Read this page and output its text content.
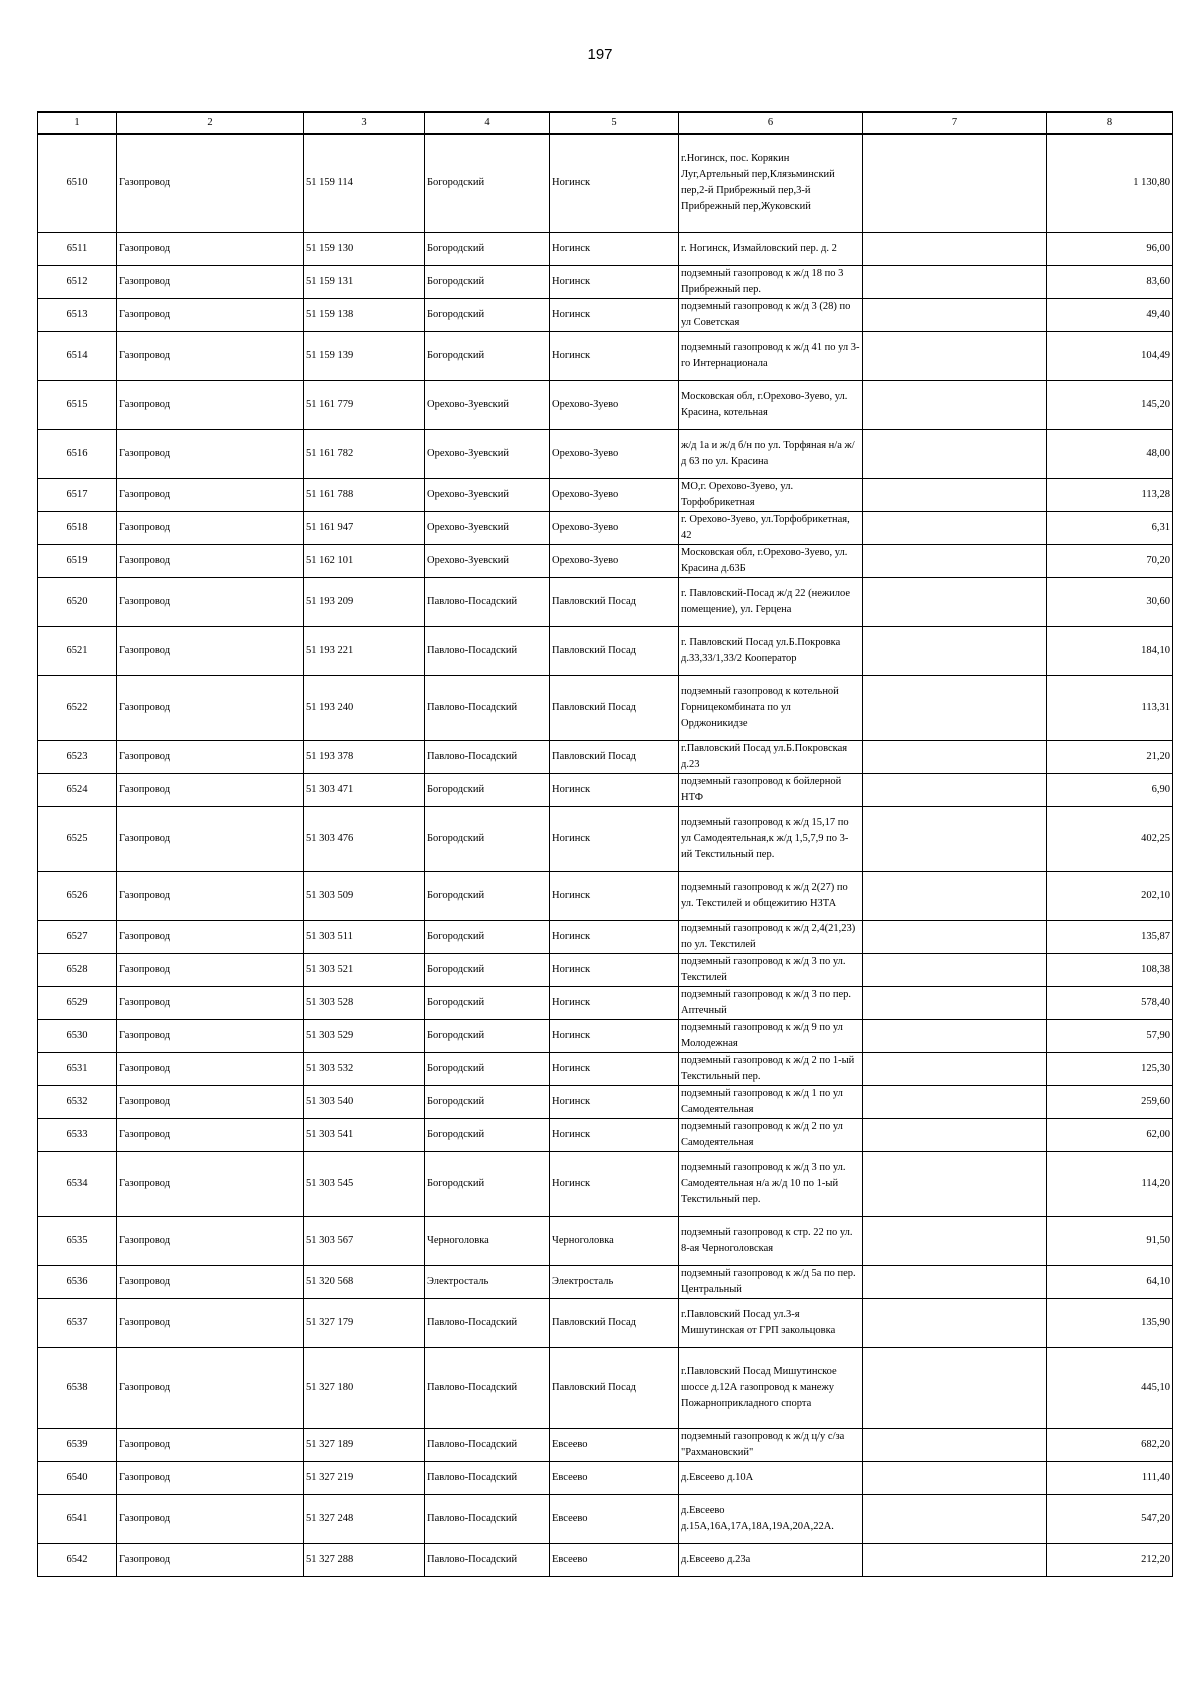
197
1	2	3	4	5	6	7	8
6510	Газопровод	51 159 114	Богородский	Ногинск	г.Ногинск, пос. Корякин Луг,Артельный пер,Клязьминский пер,2-й Прибрежный пер,3-й Прибрежный пер,Жуковский		1 130,80
6511	Газопровод	51 159 130	Богородский	Ногинск	г. Ногинск, Измайловский пер. д. 2		96,00
6512	Газопровод	51 159 131	Богородский	Ногинск	подземный газопровод к ж/д 18 по 3 Прибрежный пер.		83,60
6513	Газопровод	51 159 138	Богородский	Ногинск	подземный газопровод к ж/д 3 (28) по ул Советская		49,40
6514	Газопровод	51 159 139	Богородский	Ногинск	подземный газопровод к ж/д 41 по ул 3-го Интернационала		104,49
6515	Газопровод	51 161 779	Орехово-Зуевский	Орехово-Зуево	Московская обл, г.Орехово-Зуево, ул. Красина, котельная		145,20
6516	Газопровод	51 161 782	Орехово-Зуевский	Орехово-Зуево	ж/д 1а и ж/д б/н по ул. Торфяная н/а ж/д 63 по ул. Красина		48,00
6517	Газопровод	51 161 788	Орехово-Зуевский	Орехово-Зуево	МО,г. Орехово-Зуево, ул. Торфобрикетная		113,28
6518	Газопровод	51 161 947	Орехово-Зуевский	Орехово-Зуево	г. Орехово-Зуево, ул.Торфобрикетная, 42		6,31
6519	Газопровод	51 162 101	Орехово-Зуевский	Орехово-Зуево	Московская обл, г.Орехово-Зуево, ул. Красина д.63Б		70,20
6520	Газопровод	51 193 209	Павлово-Посадский	Павловский Посад	г. Павловский-Посад ж/д 22 (нежилое помещение), ул. Герцена		30,60
6521	Газопровод	51 193 221	Павлово-Посадский	Павловский Посад	г. Павловский Посад ул.Б.Покровка д.33,33/1,33/2 Кооператор		184,10
6522	Газопровод	51 193 240	Павлово-Посадский	Павловский Посад	подземный газопровод к котельной Горницекомбината по ул Орджоникидзе		113,31
6523	Газопровод	51 193 378	Павлово-Посадский	Павловский Посад	г.Павловский Посад ул.Б.Покровская д.23		21,20
6524	Газопровод	51 303 471	Богородский	Ногинск	подземный газопровод к бойлерной НТФ		6,90
6525	Газопровод	51 303 476	Богородский	Ногинск	подземный газопровод к ж/д 15,17 по ул Самодеятельная,к ж/д 1,5,7,9 по 3- ий Текстильный пер.		402,25
6526	Газопровод	51 303 509	Богородский	Ногинск	подземный газопровод к ж/д 2(27) по ул. Текстилей и общежитию НЗТА		202,10
6527	Газопровод	51 303 511	Богородский	Ногинск	подземный газопровод к ж/д 2,4(21,23) по ул. Текстилей		135,87
6528	Газопровод	51 303 521	Богородский	Ногинск	подземный газопровод к ж/д 3 по ул. Текстилей		108,38
6529	Газопровод	51 303 528	Богородский	Ногинск	подземный газопровод к ж/д 3 по пер. Аптечный		578,40
6530	Газопровод	51 303 529	Богородский	Ногинск	подземный газопровод к ж/д 9 по ул Молодежная		57,90
6531	Газопровод	51 303 532	Богородский	Ногинск	подземный газопровод к ж/д 2 по 1-ый Текстильный пер.		125,30
6532	Газопровод	51 303 540	Богородский	Ногинск	подземный газопровод к ж/д 1 по ул Самодеятельная		259,60
6533	Газопровод	51 303 541	Богородский	Ногинск	подземный газопровод к ж/д 2 по ул Самодеятельная		62,00
6534	Газопровод	51 303 545	Богородский	Ногинск	подземный газопровод к ж/д 3 по ул. Самодеятельная н/а ж/д 10 по 1-ый Текстильный пер.		114,20
6535	Газопровод	51 303 567	Черноголовка	Черноголовка	подземный газопровод к стр. 22 по ул. 8-ая Черноголовская		91,50
6536	Газопровод	51 320 568	Электросталь	Электросталь	подземный газопровод к ж/д 5а по пер. Центральный		64,10
6537	Газопровод	51 327 179	Павлово-Посадский	Павловский Посад	г.Павловский Посад ул.3-я Мишутинская от ГРП закольцовка		135,90
6538	Газопровод	51 327 180	Павлово-Посадский	Павловский Посад	г.Павловский Посад Мишутинское шоссе д.12А газопровод к манежу Пожарноприкладного спорта		445,10
6539	Газопровод	51 327 189	Павлово-Посадский	Евсеево	подземный газопровод к ж/д ц/у с/за "Рахмановский"		682,20
6540	Газопровод	51 327 219	Павлово-Посадский	Евсеево	д.Евсеево д.10А		111,40
6541	Газопровод	51 327 248	Павлово-Посадский	Евсеево	д.Евсеево д.15А,16А,17А,18А,19А,20А,22А.		547,20
6542	Газопровод	51 327 288	Павлово-Посадский	Евсеево	д.Евсеево д.23а		212,20
